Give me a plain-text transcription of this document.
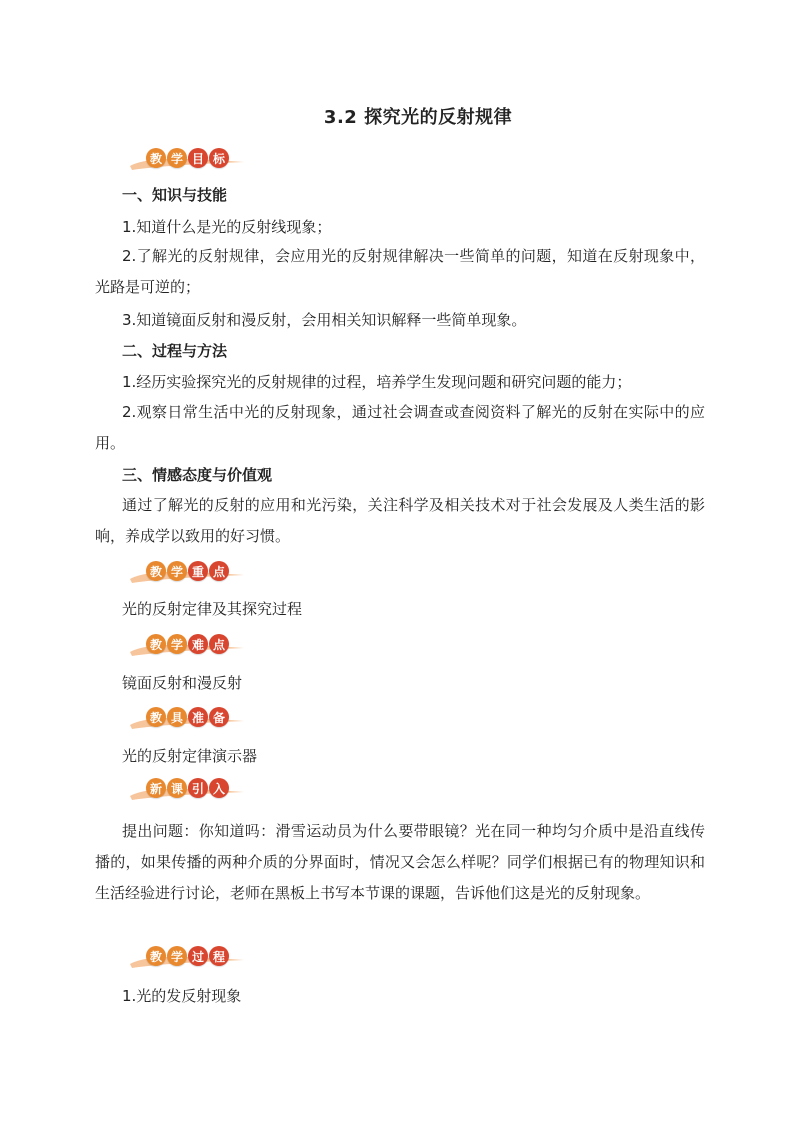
3.2 探究光的反射规律
教 学 目 标
一、知识与技能
1.知道什么是光的反射线现象；
2.了解光的反射规律，会应用光的反射规律解决一些简单的问题，知道在反射现象中，光路是可逆的；
3.知道镜面反射和漫反射，会用相关知识解释一些简单现象。
二、过程与方法
1.经历实验探究光的反射规律的过程，培养学生发现问题和研究问题的能力；
2.观察日常生活中光的反射现象，通过社会调查或查阅资料了解光的反射在实际中的应用。
三、情感态度与价值观
通过了解光的反射的应用和光污染，关注科学及相关技术对于社会发展及人类生活的影响，养成学以致用的好习惯。
教 学 重 点
光的反射定律及其探究过程
教 学 难 点
镜面反射和漫反射
教 具 准 备
光的反射定律演示器
新 课 引 入
提出问题：你知道吗：滑雪运动员为什么要带眼镜？光在同一种均匀介质中是沿直线传播的，如果传播的两种介质的分界面时，情况又会怎么样呢？同学们根据已有的物理知识和生活经验进行讨论，老师在黑板上书写本节课的课题，告诉他们这是光的反射现象。
教 学 过 程
1.光的发反射现象
